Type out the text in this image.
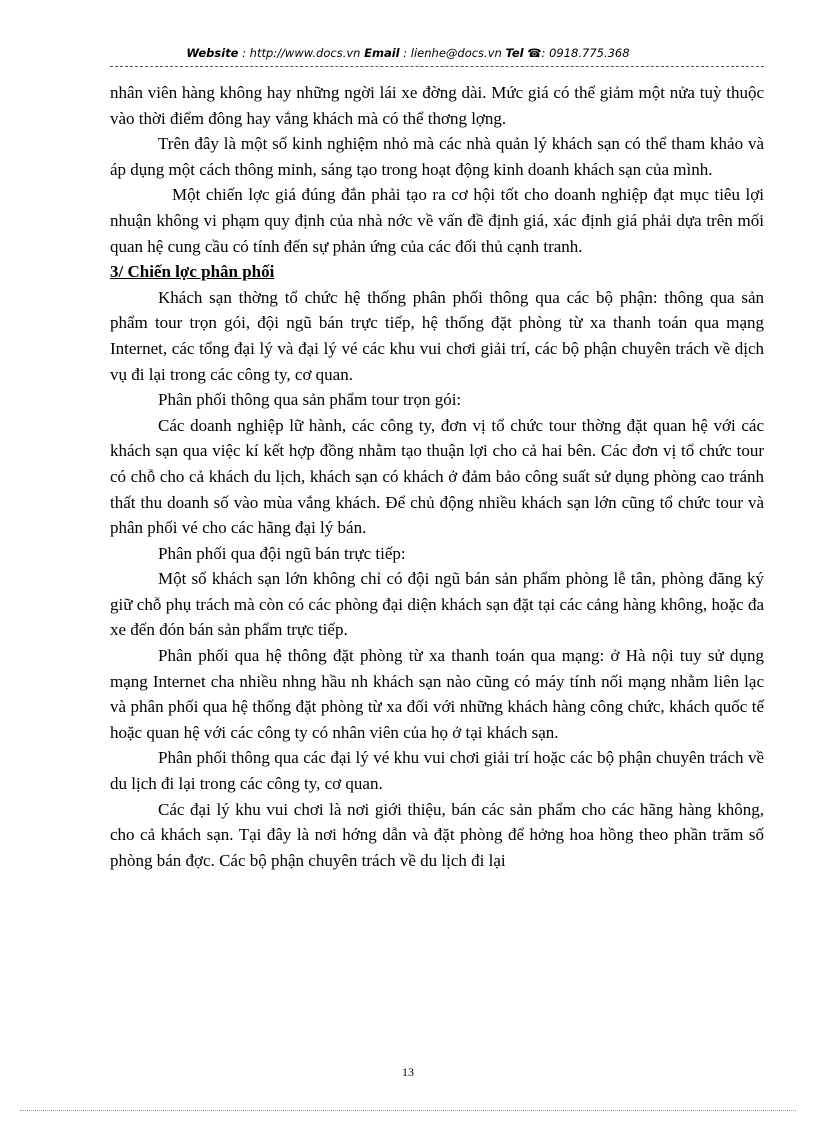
Website : http://www.docs.vn Email : lienhe@docs.vn Tel ☎: 0918.775.368

nhân viên hàng không hay những ngời lái xe đờng dài. Mức giá có thể giảm một nửa tuỳ thuộc vào thời điểm đông hay vắng khách mà có thể thơng lợng.

Trên đây là một số kinh nghiệm nhỏ mà các nhà quản lý khách sạn có thể tham khảo và áp dụng một cách thông minh, sáng tạo trong hoạt động kinh doanh khách sạn của mình.

Một chiến lợc giá đúng đắn phải tạo ra cơ hội tốt cho doanh nghiệp đạt mục tiêu lợi nhuận không vi phạm quy định của nhà nớc về vấn đề định giá, xác định giá phải dựa trên mối quan hệ cung cầu có tính đến sự phản ứng của các đối thủ cạnh tranh.

3/ Chiến lợc phân phối

Khách sạn thờng tổ chức hệ thống phân phối thông qua các bộ phận: thông qua sản phẩm tour trọn gói, đội ngũ bán trực tiếp, hệ thống đặt phòng từ xa thanh toán qua mạng Internet, các tổng đại lý và đại lý vé các khu vui chơi giải trí, các bộ phận chuyên trách về dịch vụ đi lại trong các công ty, cơ quan.

Phân phối thông qua sản phẩm tour trọn gói:

Các doanh nghiệp lữ hành, các công ty, đơn vị tổ chức tour thờng đặt quan hệ với các khách sạn qua việc kí kết hợp đồng nhằm tạo thuận lợi cho cả hai bên. Các đơn vị tổ chức tour có chỗ cho cả khách du lịch, khách sạn có khách ở đảm bảo công suất sử dụng phòng cao tránh thất thu doanh số vào mùa vắng khách. Để chủ động nhiều khách sạn lớn cũng tổ chức tour và phân phối vé cho các hãng đại lý bán.

Phân phối qua đội ngũ bán trực tiếp:

Một số khách sạn lớn không chỉ có đội ngũ bán sản phẩm phòng lễ tân, phòng đăng ký giữ chỗ phụ trách mà còn có các phòng đại diện khách sạn đặt tại các cảng hàng không, hoặc đa xe đến đón bán sản phẩm trực tiếp.

Phân phối qua hệ thông đặt phòng từ xa thanh toán qua mạng: ở Hà nội tuy sử dụng mạng Internet cha nhiều nhng hầu nh khách sạn nào cũng có máy tính nối mạng nhằm liên lạc và phân phối qua hệ thống đặt phòng từ xa đối với những khách hàng công chức, khách quốc tế hoặc quan hệ với các công ty có nhân viên của họ ở tại khách sạn.

Phân phối thông qua các đại lý vé khu vui chơi giải trí hoặc các bộ phận chuyên trách về du lịch đi lại trong các công ty, cơ quan.

Các đại lý khu vui chơi là nơi giới thiệu, bán các sản phẩm cho các hãng hàng không, cho cả khách sạn. Tại đây là nơi hớng dẫn và đặt phòng để hởng hoa hồng theo phần trăm số phòng bán đợc. Các bộ phận chuyên trách về du lịch đi lại

13
